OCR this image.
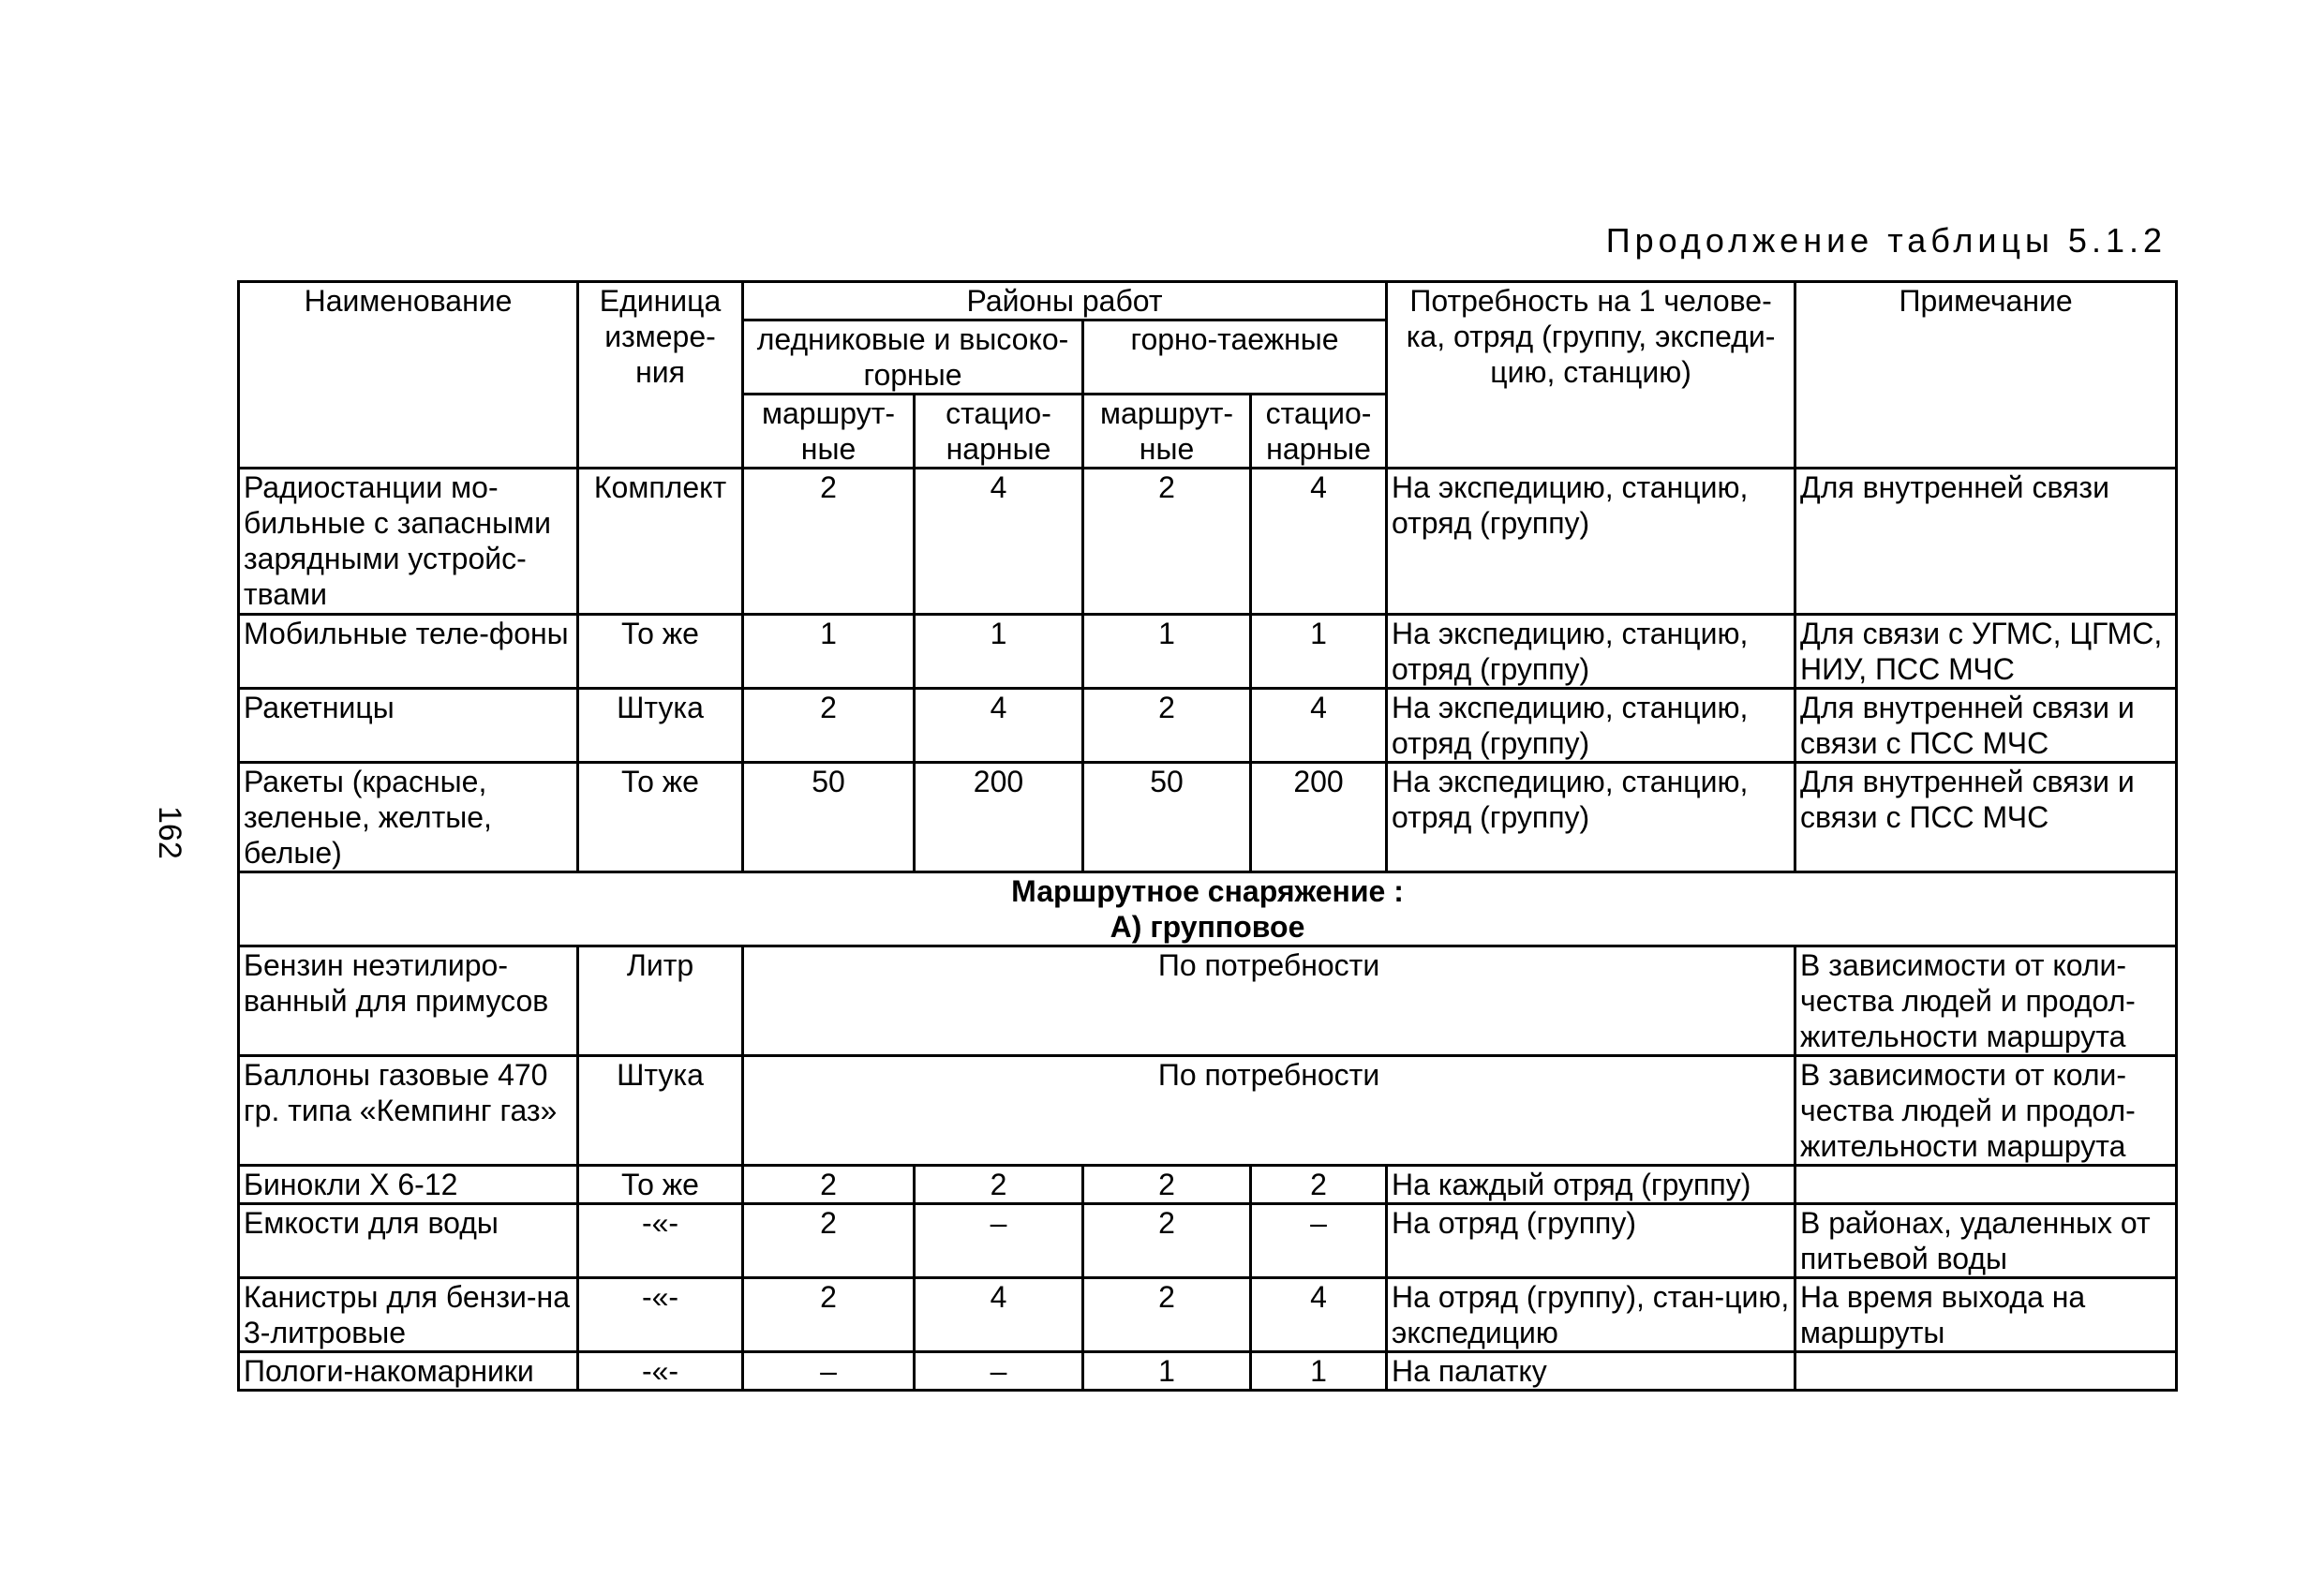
Продолжение таблицы 5.1.2
162
Наименование	Единица измере-ния	Районы работ				Потребность на 1 челове-ка, отряд (группу, экспеди-цию, станцию)	Примечание
		ледниковые и высоко-горные		горно-таежные			
		маршрут-ные	стацио-нарные	маршрут-ные	стацио-нарные		
Радиостанции мо-бильные с запасными зарядными устройс-твами	Комплект	2	4	2	4	На экспедицию, станцию, отряд (группу)	Для внутренней связи
Мобильные теле-фоны	То же	1	1	1	1	На экспедицию, станцию, отряд (группу)	Для связи с УГМС, ЦГМС, НИУ, ПСС МЧС
Ракетницы	Штука	2	4	2	4	На экспедицию, станцию, отряд (группу)	Для внутренней связи и связи с ПСС МЧС
Ракеты (красные, зеленые, желтые, белые)	То же	50	200	50	200	На экспедицию, станцию, отряд (группу)	Для внутренней связи и связи с ПСС МЧС

Маршрутное снаряжение :
А) групповое							

Бензин неэтилиро-ванный для примусов	Литр	По потребности					В зависимости от коли-чества людей и продол-жительности маршрута
Баллоны газовые 470 гр. типа «Кемпинг газ»	Штука	По потребности					В зависимости от коли-чества людей и продол-жительности маршрута
Бинокли Х 6-12	То же	2	2	2	2	На каждый отряд (группу)	
Емкости для воды	-«-	2	–	2	–	На отряд (группу)	В районах, удаленных от питьевой воды
Канистры для бензи-на 3-литровые	-«-	2	4	2	4	На отряд (группу), стан-цию, экспедицию	На время выхода на маршруты
Пологи-накомарники	-«-	–	–	1	1	На палатку	
